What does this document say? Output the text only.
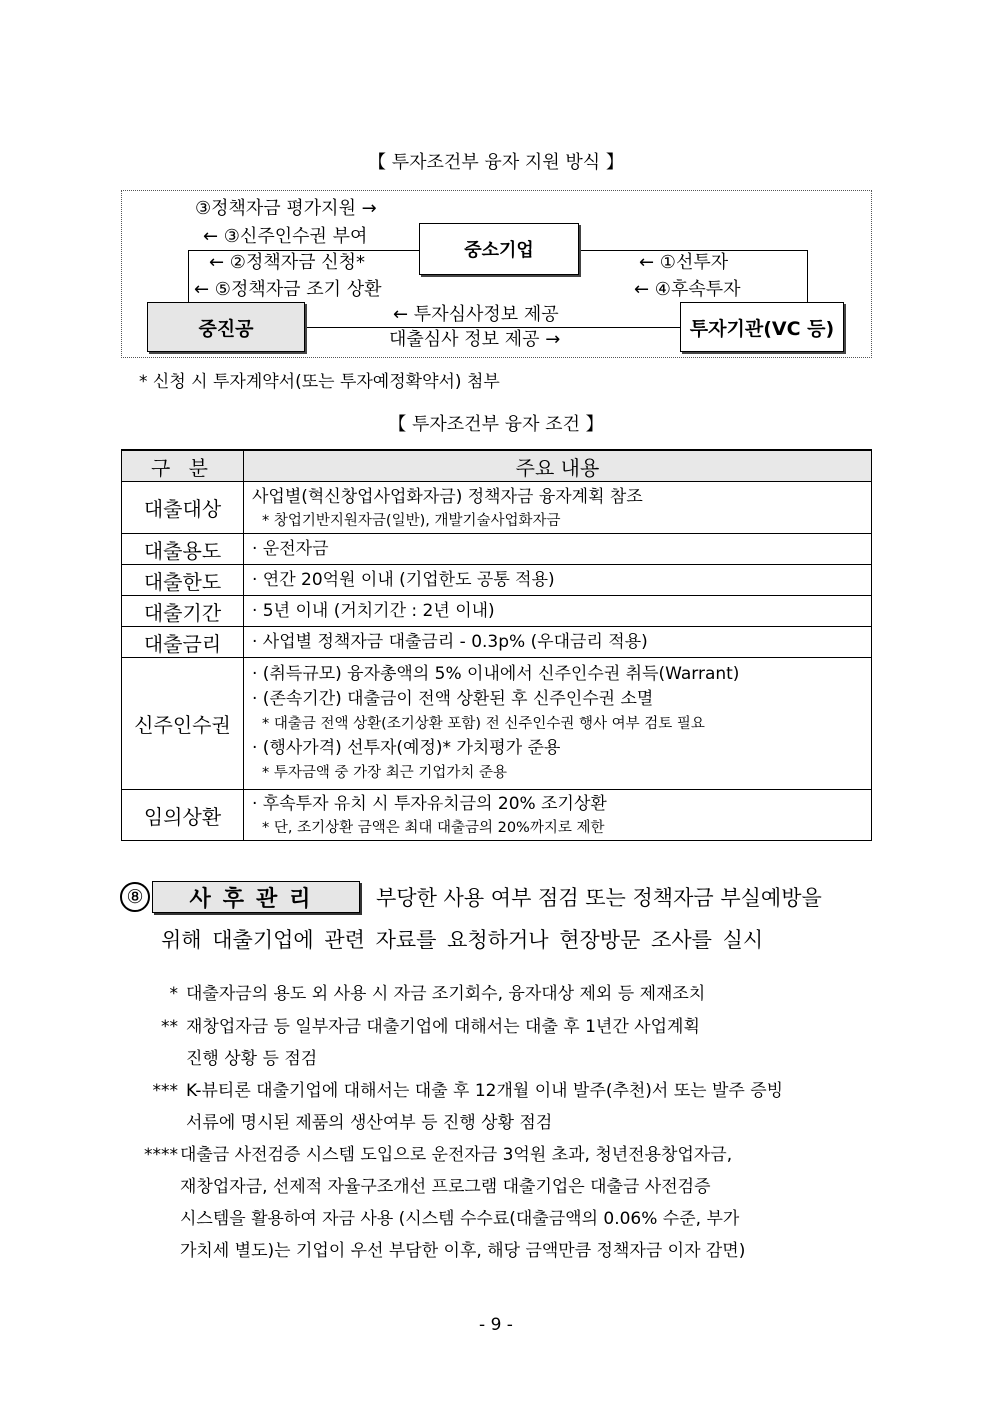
【 투자조건부 융자 지원 방식 】
중소기업
중진공	투자기관(VC 등)
③정책자금 평가지원 →
← ③신주인수권 부여
← ②정책자금 신청*
← ⑤정책자금 조기 상환
← ①선투자
← ④후속투자
← 투자심사정보 제공
대출심사 정보 제공 →
* 신청 시 투자계약서(또는 투자예정확약서) 첨부
【 투자조건부 융자 조건 】
구 분	주요 내용
대출대상	사업별(혁신창업사업화자금) 정책자금 융자계획 참조
* 창업기반지원자금(일반), 개발기술사업화자금

대출용도	· 운전자금

대출한도	· 연간 20억원 이내 (기업한도 공통 적용)

대출기간	· 5년 이내 (거치기간 : 2년 이내)

대출금리	· 사업별 정책자금 대출금리 - 0.3p% (우대금리 적용)

신주인수권	· (취득규모) 융자총액의 5% 이내에서 신주인수권 취득(Warrant)
· (존속기간) 대출금이 전액 상환된 후 신주인수권 소멸
* 대출금 전액 상환(조기상환 포함) 전 신주인수권 행사 여부 검토 필요
· (행사가격) 선투자(예정)* 가치평가 준용
* 투자금액 중 가장 최근 기업가치 준용

임의상환	· 후속투자 유치 시 투자유치금의 20% 조기상환
* 단, 조기상환 금액은 최대 대출금의 20%까지로 제한
⑧	사후관리	부당한 사용 여부 점검 또는 정책자금 부실예방을
위해 대출기업에 관련 자료를 요청하거나 현장방문 조사를 실시
* 대출자금의 용도 외 사용 시 자금 조기회수, 융자대상 제외 등 제재조치
** 재창업자금 등 일부자금 대출기업에 대해서는 대출 후 1년간 사업계획
진행 상황 등 점검
*** K-뷰티론 대출기업에 대해서는 대출 후 12개월 이내 발주(추천)서 또는 발주 증빙
서류에 명시된 제품의 생산여부 등 진행 상황 점검
**** 대출금 사전검증 시스템 도입으로 운전자금 3억원 초과, 청년전용창업자금,
재창업자금, 선제적 자율구조개선 프로그램 대출기업은 대출금 사전검증
시스템을 활용하여 자금 사용 (시스템 수수료(대출금액의 0.06% 수준, 부가
가치세 별도)는 기업이 우선 부담한 이후, 해당 금액만큼 정책자금 이자 감면)
- 9 -
